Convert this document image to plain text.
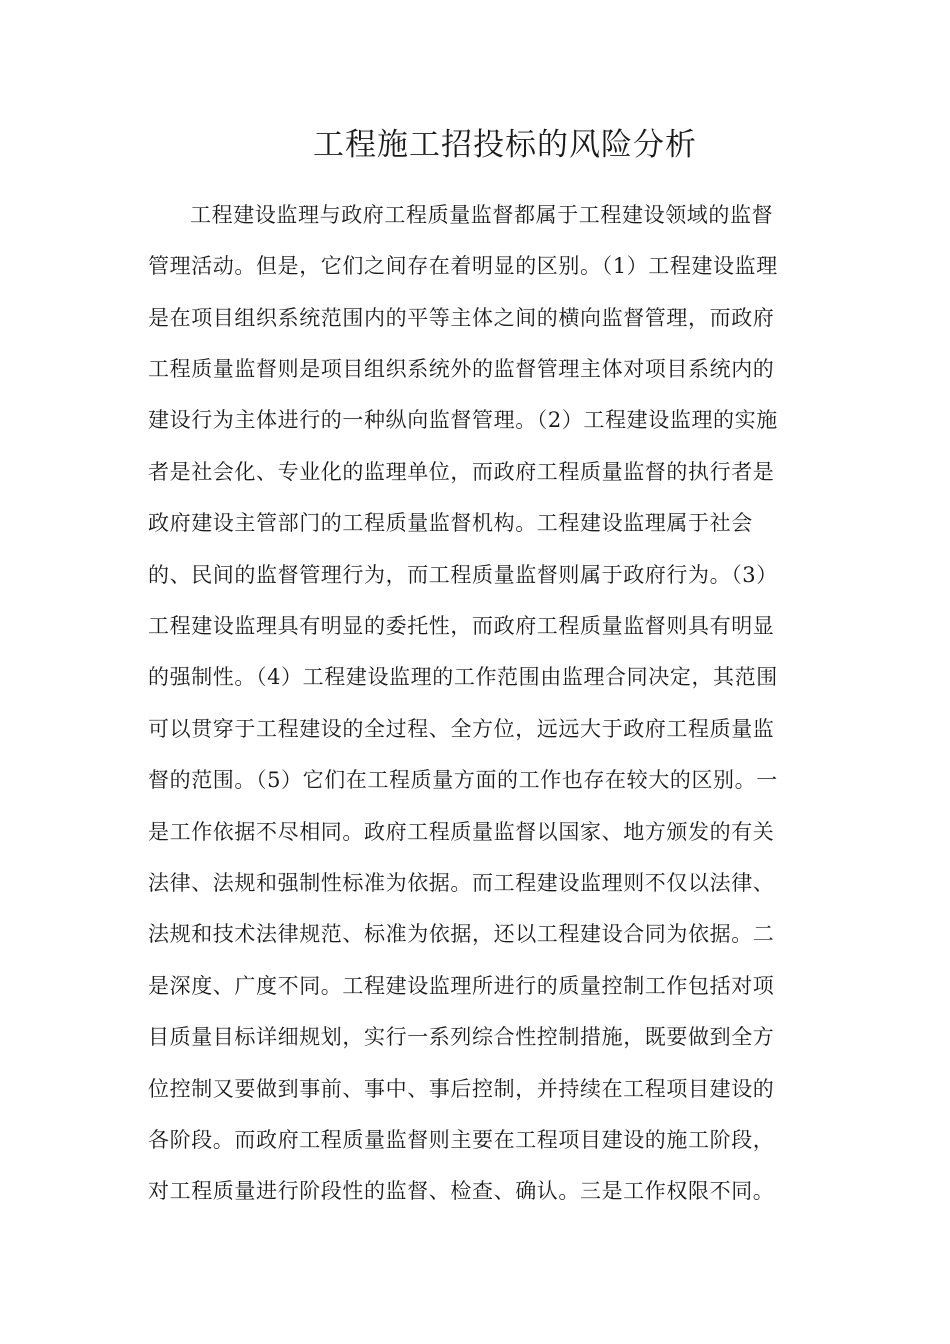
工程施工招投标的风险分析
工程建设监理与政府工程质量监督都属于工程建设领域的监督
管理活动。但是，它们之间存在着明显的区别。（1）工程建设监理
是在项目组织系统范围内的平等主体之间的横向监督管理，而政府
工程质量监督则是项目组织系统外的监督管理主体对项目系统内的
建设行为主体进行的一种纵向监督管理。（2）工程建设监理的实施
者是社会化、专业化的监理单位，而政府工程质量监督的执行者是
政府建设主管部门的工程质量监督机构。工程建设监理属于社会
的、民间的监督管理行为，而工程质量监督则属于政府行为。（3）
工程建设监理具有明显的委托性，而政府工程质量监督则具有明显
的强制性。（4）工程建设监理的工作范围由监理合同决定，其范围
可以贯穿于工程建设的全过程、全方位，远远大于政府工程质量监
督的范围。（5）它们在工程质量方面的工作也存在较大的区别。一
是工作依据不尽相同。政府工程质量监督以国家、地方颁发的有关
法律、法规和强制性标准为依据。而工程建设监理则不仅以法律、
法规和技术法律规范、标准为依据，还以工程建设合同为依据。二
是深度、广度不同。工程建设监理所进行的质量控制工作包括对项
目质量目标详细规划，实行一系列综合性控制措施，既要做到全方
位控制又要做到事前、事中、事后控制，并持续在工程项目建设的
各阶段。而政府工程质量监督则主要在工程项目建设的施工阶段，
对工程质量进行阶段性的监督、检查、确认。三是工作权限不同。
